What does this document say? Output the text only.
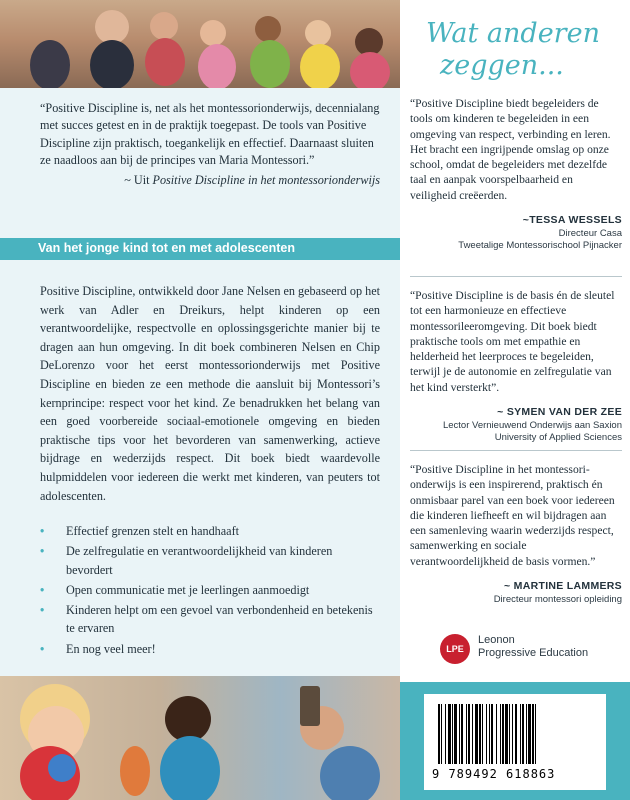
“Positive Discipline is, net als het montessorionderwijs, decennialang met succes getest en in de praktijk toegepast. De tools van Positive Discipline zijn praktisch, toegankelijk en effectief. Daarnaast sluiten ze naadloos aan bij de principes van Maria Montessori.”
~ Uit Positive Discipline in het montessorionderwijs
Van het jonge kind tot en met adolescenten
Positive Discipline, ontwikkeld door Jane Nelsen en gebaseerd op het werk van Adler en Dreikurs, helpt kinderen op een verantwoordelijke, respectvolle en oplossingsgerichte manier bij te dragen aan hun omgeving. In dit boek combineren Nelsen en Chip DeLorenzo voor het eerst montessorionderwijs met Positive Discipline en bieden ze een methode die aansluit bij Montessori’s kernprincipe: respect voor het kind. Ze benadrukken het belang van een goed voorbereide sociaal-emotionele omgeving en bieden praktische tips voor het bevorderen van samenwerking, actieve bijdrage en wederzijds respect. Dit boek biedt waardevolle hulpmiddelen voor iedereen die werkt met kinderen, van peuters tot adolescenten.
• Effectief grenzen stelt en handhaaft
• De zelfregulatie en verantwoordelijkheid van kinderen bevordert
• Open communicatie met je leerlingen aanmoedigt
• Kinderen helpt om een gevoel van verbondenheid en betekenis te ervaren
• En nog veel meer!
Wat anderen
zeggen...
“Positive Discipline biedt begeleiders de tools om kinderen te begeleiden in een omgeving van respect, verbinding en leren. Het bracht een ingrijpende omslag op onze school, omdat de begeleiders met dezelfde taal en aanpak voorspelbaarheid en veiligheid creëerden.
~TESSA WESSELS
Directeur Casa
Tweetalige Montessorischool Pijnacker
“Positive Discipline is de basis én de sleutel tot een harmonieuze en effectieve montessorileeromgeving. Dit boek biedt praktische tools om met empathie en helderheid het leerproces te begeleiden, terwijl je de autonomie en zelfregulatie van het kind versterkt”.
~ SYMEN VAN DER ZEE
Lector Vernieuwend Onderwijs aan Saxion
University of Applied Sciences
“Positive Discipline in het montessori-onderwijs is een inspirerend, praktisch én onmisbaar parel van een boek voor iedereen die kinderen liefheeft en wil bijdragen aan een samenleving waarin wederzijds respect, samenwerking en sociale verantwoordelijkheid de basis vormen.”
~ MARTINE LAMMERS
Directeur montessori opleiding
LPE
Leonon
Progressive Education
9 789492 618863
